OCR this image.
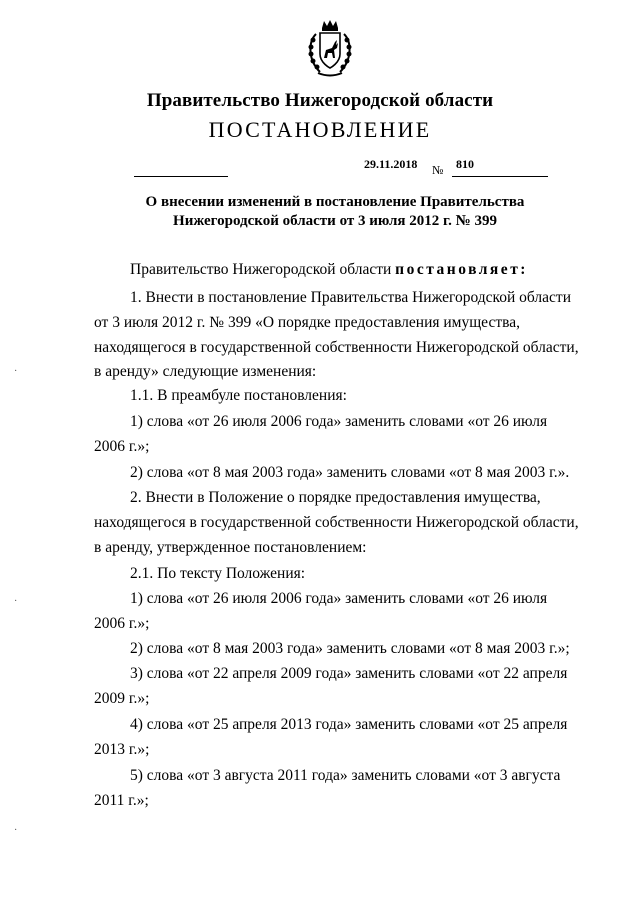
Правительство Нижегородской области
ПОСТАНОВЛЕНИЕ
29.11.2018 № 810
О внесении изменений в постановление Правительства
Нижегородской области от 3 июля 2012 г. № 399
Правительство Нижегородской области постановляет:
1. Внести в постановление Правительства Нижегородской области
от 3 июля 2012 г. № 399 «О порядке предоставления имущества,
находящегося в государственной собственности Нижегородской области,
в аренду» следующие изменения:
1.1. В преамбуле постановления:
1) слова «от 26 июля 2006 года» заменить словами «от 26 июля
2006 г.»;
2) слова «от 8 мая 2003 года» заменить словами «от 8 мая 2003 г.».
2. Внести в Положение о порядке предоставления имущества,
находящегося в государственной собственности Нижегородской области,
в аренду, утвержденное постановлением:
2.1. По тексту Положения:
1) слова «от 26 июля 2006 года» заменить словами «от 26 июля
2006 г.»;
2) слова «от 8 мая 2003 года» заменить словами «от 8 мая 2003 г.»;
3) слова «от 22 апреля 2009 года» заменить словами «от 22 апреля
2009 г.»;
4) слова «от 25 апреля 2013 года» заменить словами «от 25 апреля
2013 г.»;
5) слова «от 3 августа 2011 года» заменить словами «от 3 августа
2011 г.»;
·
·
·
